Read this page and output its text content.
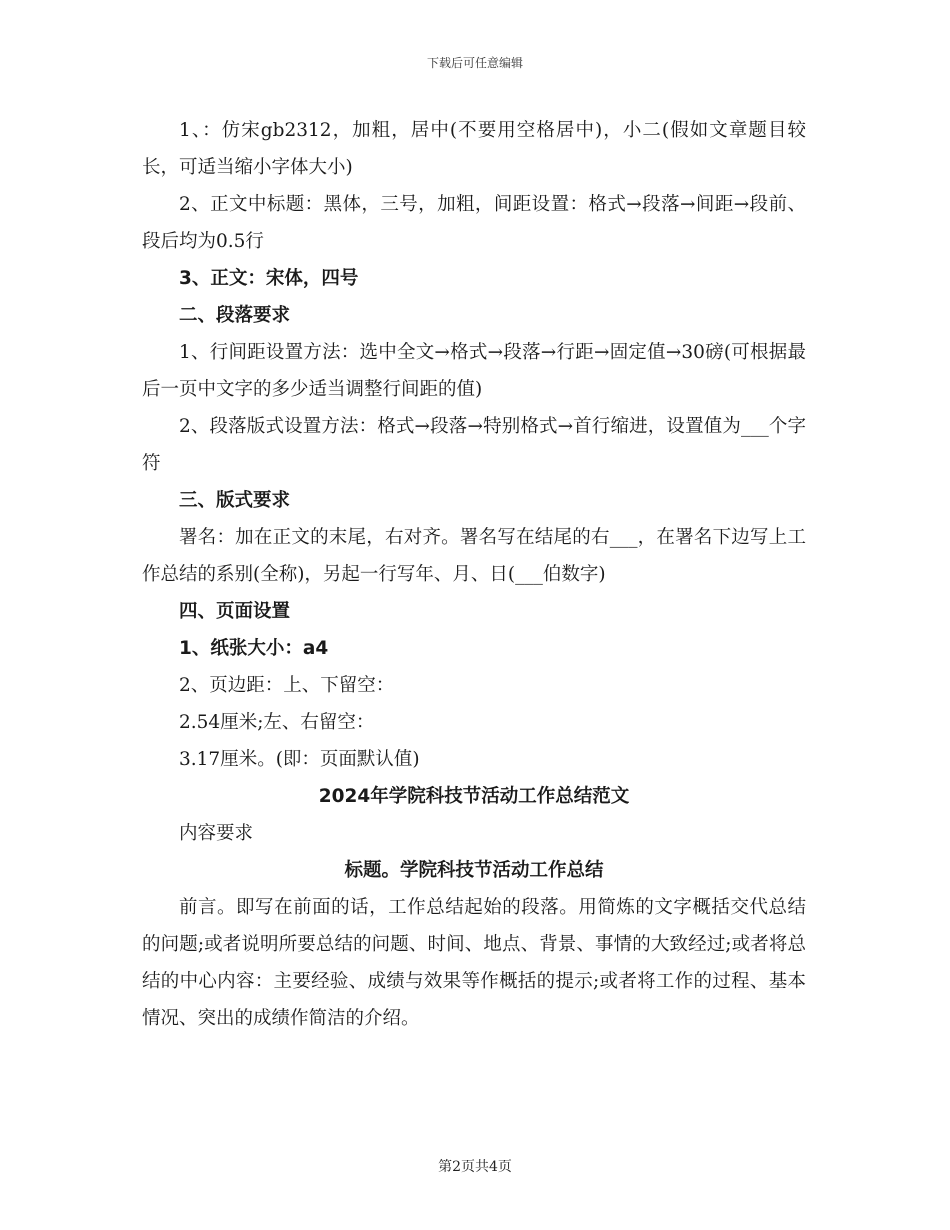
下载后可任意编辑

1、：仿宋gb2312，加粗，居中(不要用空格居中)，小二(假如文章题目较长，可适当缩小字体大小)

2、正文中标题：黑体，三号，加粗，间距设置：格式→段落→间距→段前、段后均为0.5行

3、正文：宋体，四号

二、段落要求

1、行间距设置方法：选中全文→格式→段落→行距→固定值→30磅(可根据最后一页中文字的多少适当调整行间距的值)

2、段落版式设置方法：格式→段落→特别格式→首行缩进，设置值为___个字符

三、版式要求

署名：加在正文的末尾，右对齐。署名写在结尾的右___，在署名下边写上工作总结的系别(全称)，另起一行写年、月、日(___伯数字)

四、页面设置

1、纸张大小：a4

2、页边距：上、下留空：

2.54厘米;左、右留空：

3.17厘米。(即：页面默认值)

2024年学院科技节活动工作总结范文

内容要求

标题。学院科技节活动工作总结

前言。即写在前面的话，工作总结起始的段落。用简炼的文字概括交代总结的问题;或者说明所要总结的问题、时间、地点、背景、事情的大致经过;或者将总结的中心内容：主要经验、成绩与效果等作概括的提示;或者将工作的过程、基本情况、突出的成绩作简洁的介绍。

第2页共4页
